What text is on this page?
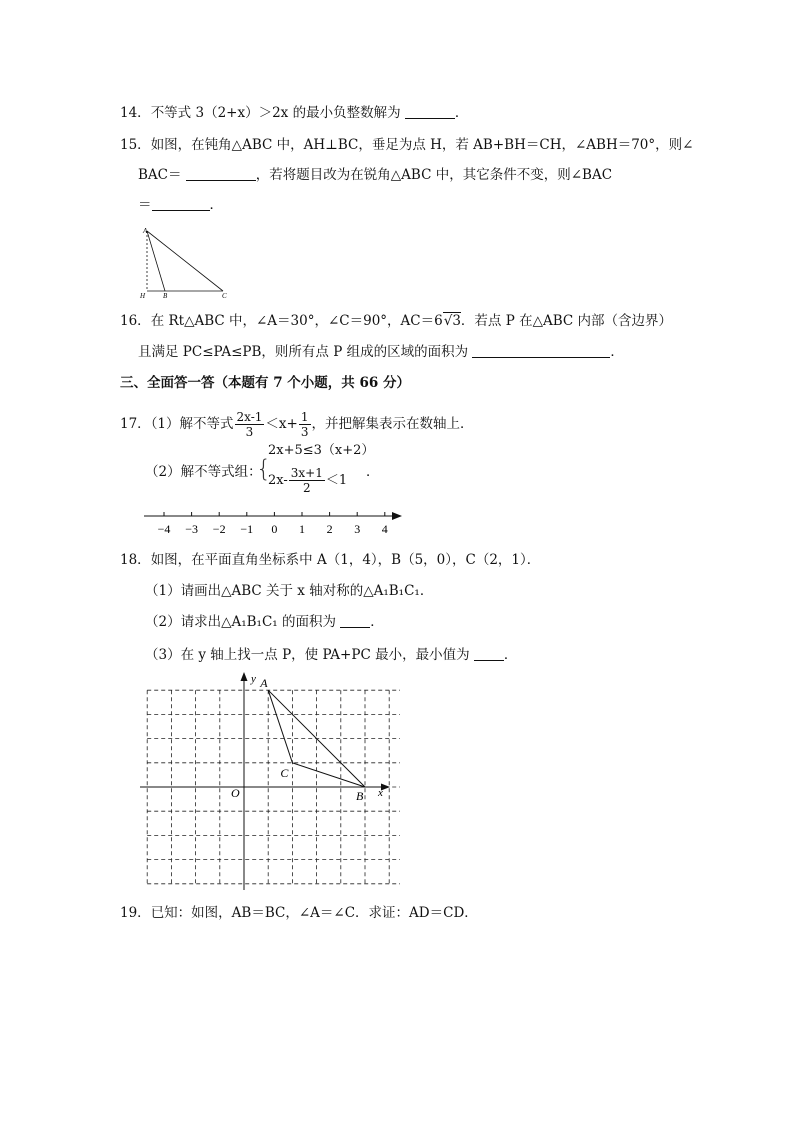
14．不等式 3（2+x）＞2x 的最小负整数解为	．
15．如图，在钝角△ABC 中，AH⊥BC，垂足为点 H，若 AB+BH＝CH，∠ABH＝70°，则∠
BAC＝	，若将题目改为在锐角△ABC 中，其它条件不变，则∠BAC
＝	．
A
H	B	C
16．在 Rt△ABC 中，∠A＝30°，∠C＝90°，AC＝6√3．若点 P 在△ABC 内部（含边界）
且满足 PC≤PA≤PB，则所有点 P 组成的区域的面积为	．
三、全面答一答（本题有 7 个小题，共 66 分）
17．（1）解不等式 $\frac{2x-1}{3} <x+ \frac{1}{3}$ ，并把解集表示在数轴上．
（2）解不等式组：
{
2x+5≤3（x+2）
$2x- \frac{3x+1}{2} <1$
．
−4 −3 −2 −1 0 1 2 3 4
18．如图，在平面直角坐标系中 A（1，4），B（5，0），C（2，1）．
（1）请画出△ABC 关于 x 轴对称的△A₁B₁C₁．
（2）请求出△A₁B₁C₁ 的面积为	．
（3）在 y 轴上找一点 P，使 PA+PC 最小，最小值为	．
y
x
O
A
B
C
19．已知：如图，AB＝BC，∠A＝∠C．求证：AD＝CD．
